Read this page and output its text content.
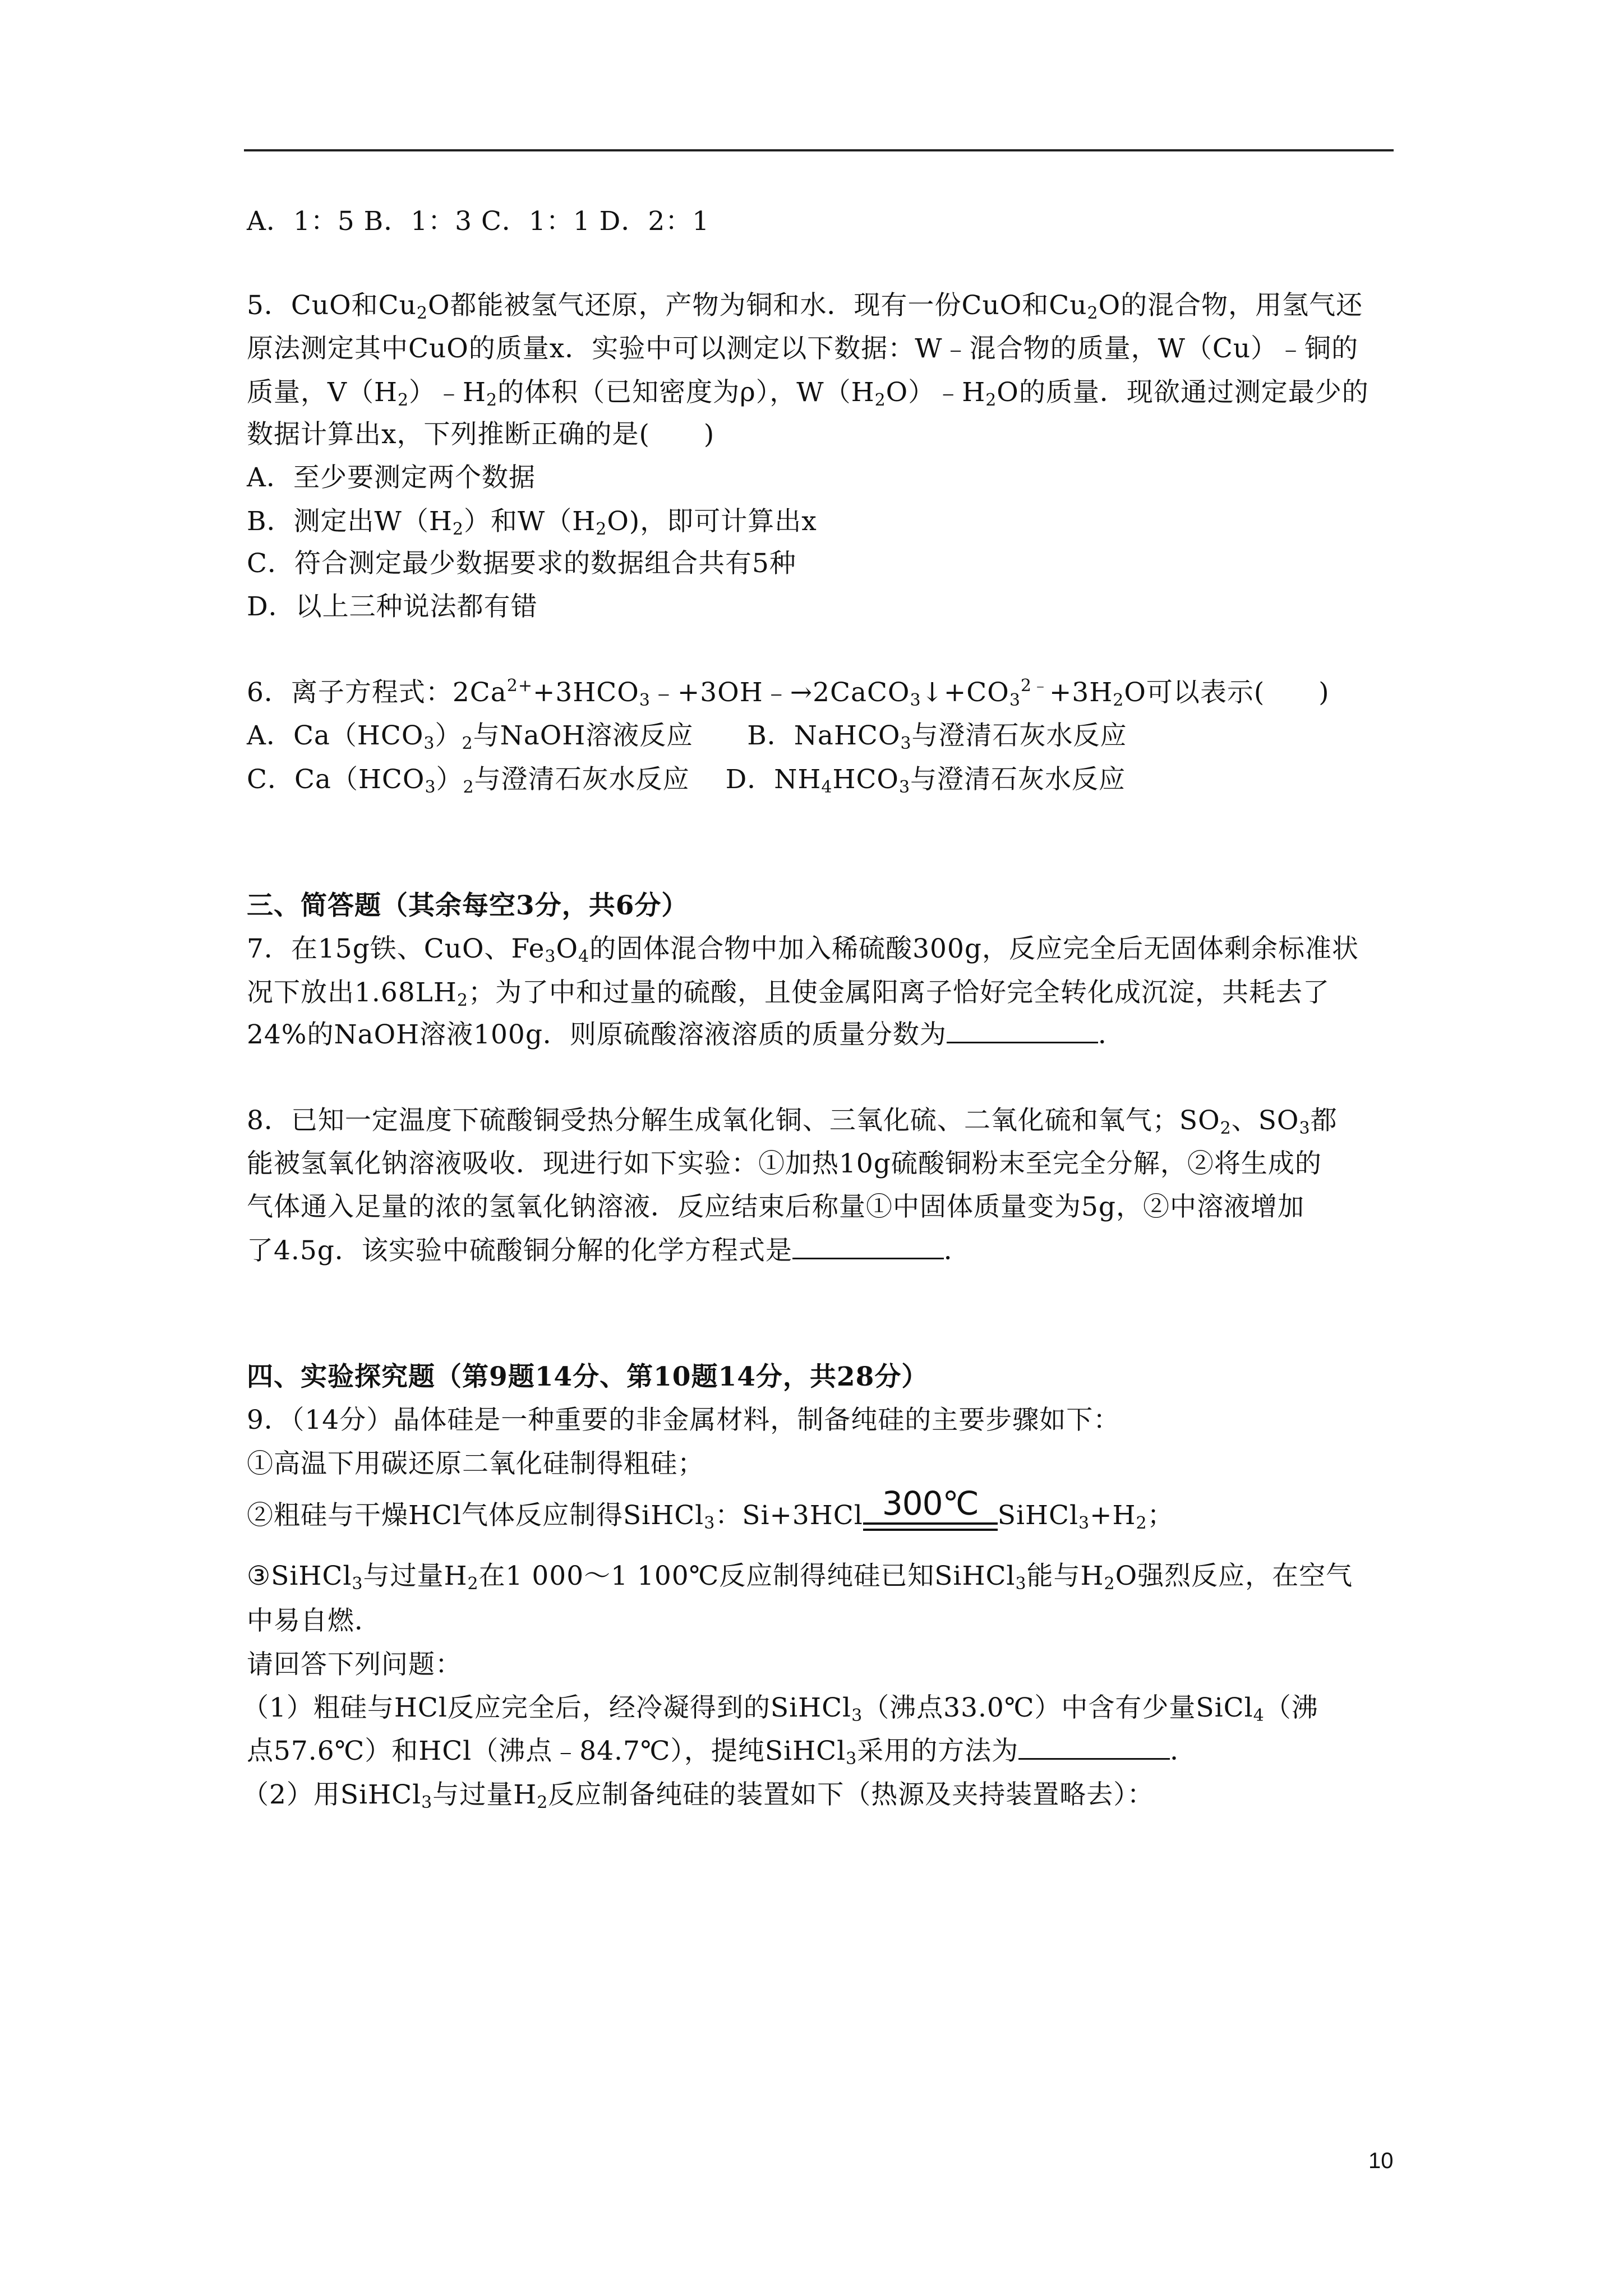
A．1：5 B．1：3 C．1：1 D．2：1
5．CuO和$Cu_2O$都能被氢气还原，产物为铜和水．现有一份CuO和$Cu_2O$的混合物，用氢气还
原法测定其中CuO的质量x．实验中可以测定以下数据：W﹣混合物的质量，W（Cu）﹣铜的
质量，$V(H_2)﹣H_2$的体积（已知密度为ρ），$W(H_2O)﹣H_2O$的质量．现欲通过测定最少的
数据计算出x，下列推断正确的是(　　)
A．至少要测定两个数据
B．测定出$W(H_2)$和$W(H_2O)$，即可计算出x
C．符合测定最少数据要求的数据组合共有5种
D．以上三种说法都有错
6．离子方程式：$2Ca^{2+}+3HCO_3﹣+3OH﹣\to 2CaCO_3↓+CO_3^{2﹣}+3H_2O$可以表示(　　)
A．$Ca(HCO_3)_2$与NaOH溶液反应　　B．NaHCO$_3$与澄清石灰水反应
C．$Ca(HCO_3)_2$与澄清石灰水反应　 D．$NH_4HCO_3$与澄清石灰水反应
三、简答题（其余每空3分，共6分）
7．在15g铁、CuO、$Fe_3O_4$的固体混合物中加入稀硫酸300g，反应完全后无固体剩余标准状
况下放出$1.68LH_2$；为了中和过量的硫酸，且使金属阳离子恰好完全转化成沉淀，共耗去了
24%的NaOH溶液100g．则原硫酸溶液溶质的质量分数为	．
8．已知一定温度下硫酸铜受热分解生成氧化铜、三氧化硫、二氧化硫和氧气；$SO_2$、$SO_3$都
能被氢氧化钠溶液吸收．现进行如下实验：①加热10g硫酸铜粉末至完全分解，②将生成的
气体通入足量的浓的氢氧化钠溶液．反应结束后称量①中固体质量变为5g，②中溶液增加
了4.5g．该实验中硫酸铜分解的化学方程式是	．
四、实验探究题（第9题14分、第10题14分，共28分）
9．（14分）晶体硅是一种重要的非金属材料，制备纯硅的主要步骤如下：
①高温下用碳还原二氧化硅制得粗硅；
②粗硅与干燥HCl气体反应制得SiHCl$_3$：Si+3HCl 300℃ $SiHCl_3+H_2$；
③SiHCl$_3$与过量$H_2$在1 000～1 100℃反应制得纯硅已知SiHCl$_3$能与$H_2O$强烈反应，在空气
中易自燃．
请回答下列问题：
（1）粗硅与HCl反应完全后，经冷凝得到的SiHCl$_3$（沸点33.0℃）中含有少量SiCl$_4$（沸
点57.6℃）和HCl（沸点﹣84.7℃），提纯SiHCl$_3$采用的方法为	．
（2）用SiHCl$_3$与过量$H_2$反应制备纯硅的装置如下（热源及夹持装置略去）：
10
